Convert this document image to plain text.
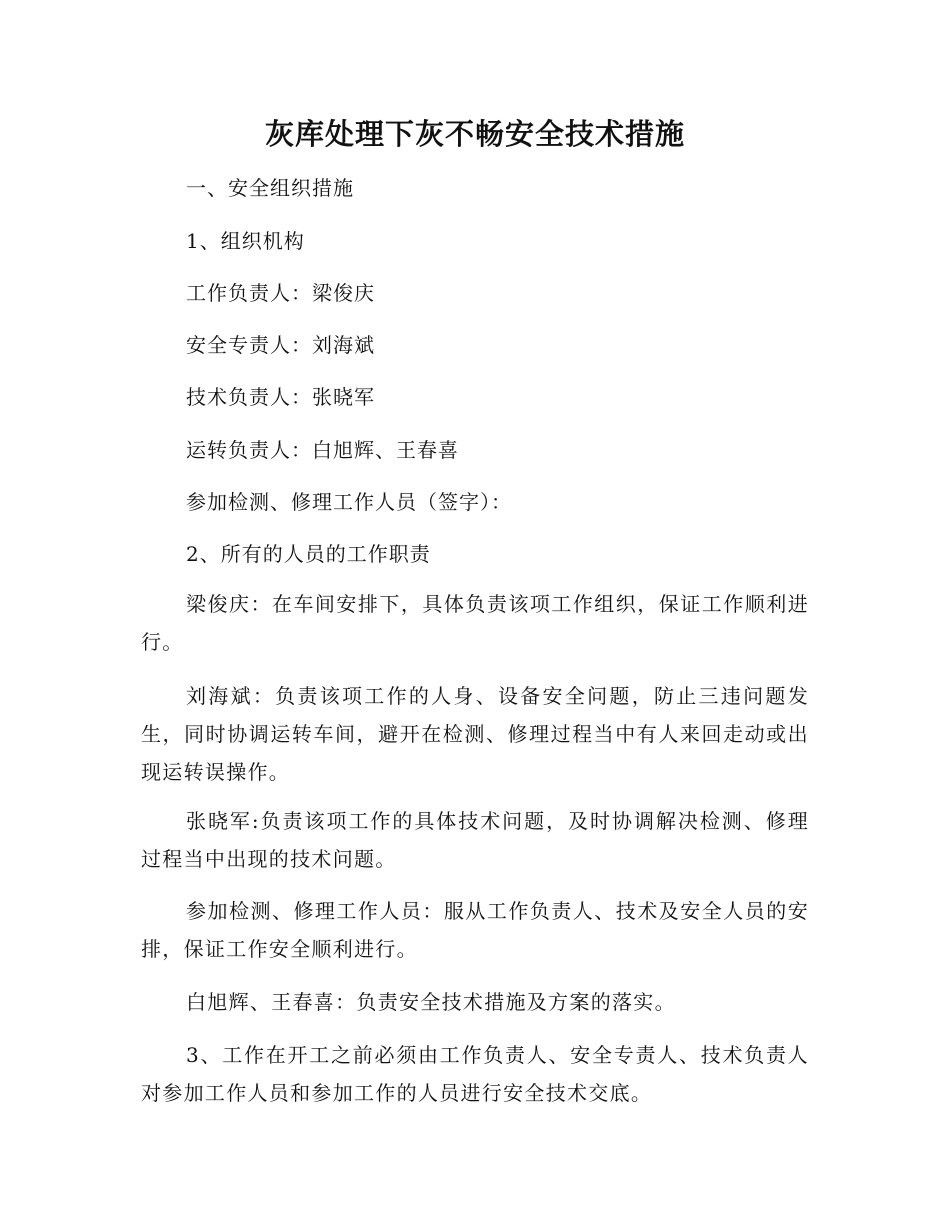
灰库处理下灰不畅安全技术措施
一、安全组织措施
1、组织机构
工作负责人：梁俊庆
安全专责人：刘海斌
技术负责人：张晓军
运转负责人：白旭辉、王春喜
参加检测、修理工作人员（签字）：
2、所有的人员的工作职责
梁俊庆：在车间安排下，具体负责该项工作组织，保证工作顺利进行。
刘海斌：负责该项工作的人身、设备安全问题，防止三违问题发生，同时协调运转车间，避开在检测、修理过程当中有人来回走动或出现运转误操作。
张晓军:负责该项工作的具体技术问题，及时协调解决检测、修理过程当中出现的技术问题。
参加检测、修理工作人员：服从工作负责人、技术及安全人员的安排，保证工作安全顺利进行。
白旭辉、王春喜：负责安全技术措施及方案的落实。
3、工作在开工之前必须由工作负责人、安全专责人、技术负责人对参加工作人员和参加工作的人员进行安全技术交底。
